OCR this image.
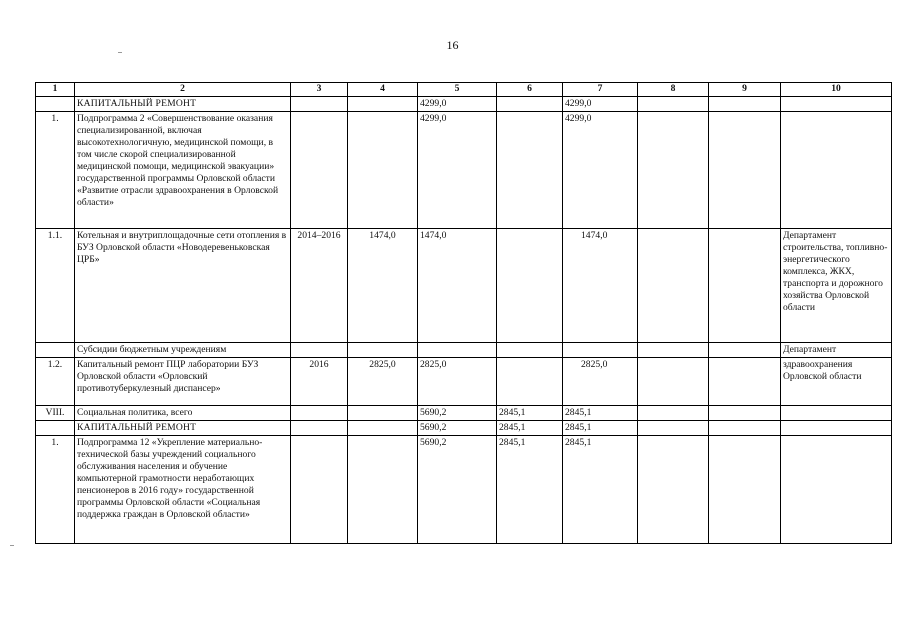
16
1	2	3	4	5	6	7	8	9	10
	КАПИТАЛЬНЫЙ РЕМОНТ			4299,0		4299,0			
1.	Подпрограмма 2 «Совершенствование оказания специализированной, включая высокотехнологичную, медицинской помощи, в том числе скорой специализированной медицинской помощи, медицинской эвакуации» государственной программы Орловской области «Развитие отрасли здравоохранения в Орловской области»			4299,0		4299,0			
1.1.	Котельная и внутриплощадочные сети отопления в БУЗ Орловской области «Новодеревеньковская ЦРБ»	2014–2016	1474,0	1474,0		1474,0			Департамент строительства, топливно-энергетического комплекса, ЖКХ, транспорта и дорожного хозяйства Орловской области
	Субсидии бюджетным учреждениям								Департамент
1.2.	Капитальный ремонт ПЦР лаборатории БУЗ Орловской области «Орловский противотуберкулезный диспансер»	2016	2825,0	2825,0		2825,0			здравоохранения Орловской области
VIII.	Социальная политика, всего			5690,2	2845,1	2845,1			
	КАПИТАЛЬНЫЙ РЕМОНТ			5690,2	2845,1	2845,1			
1.	Подпрограмма 12 «Укрепление материально-технической базы учреждений социального обслуживания населения и обучение компьютерной грамотности неработающих пенсионеров в 2016 году» государственной программы Орловской области «Социальная поддержка граждан в Орловской области»			5690,2	2845,1	2845,1			
